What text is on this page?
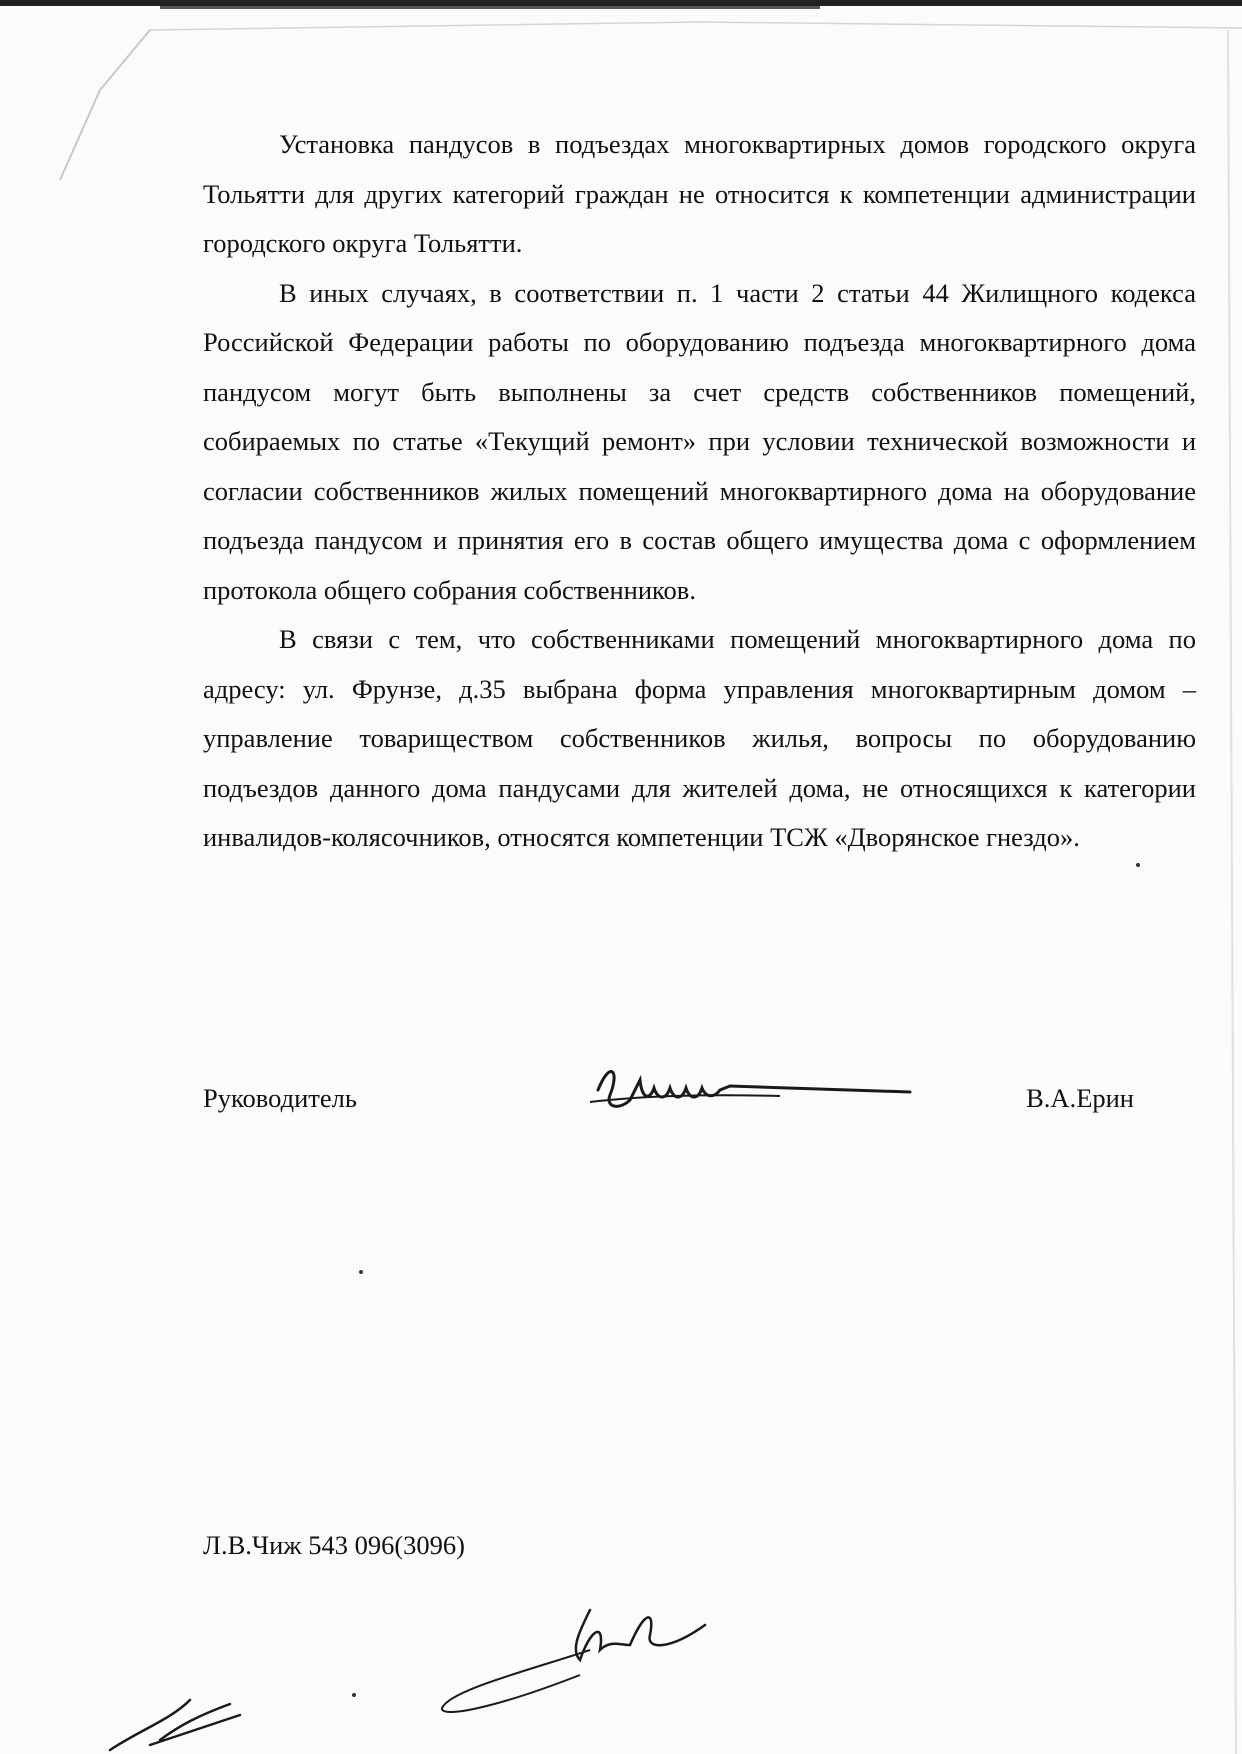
Установка пандусов в подъездах многоквартирных домов городского округа Тольятти для других категорий граждан не относится к компетенции администрации городского округа Тольятти.

В иных случаях, в соответствии п. 1 части 2 статьи 44 Жилищного кодекса Российской Федерации работы по оборудованию подъезда многоквартирного дома пандусом могут быть выполнены за счет средств собственников помещений, собираемых по статье «Текущий ремонт» при условии технической возможности и согласии собственников жилых помещений многоквартирного дома на оборудование подъезда пандусом и принятия его в состав общего имущества дома с оформлением протокола общего собрания собственников.

В связи с тем, что собственниками помещений многоквартирного дома по адресу: ул. Фрунзе, д.35 выбрана форма управления многоквартирным домом – управление товариществом собственников жилья, вопросы по оборудованию подъездов данного дома пандусами для жителей дома, не относящихся к категории инвалидов-колясочников, относятся компетенции ТСЖ «Дворянское гнездо».

Руководитель	В.А.Ерин
Л.В.Чиж 543 096(3096)
